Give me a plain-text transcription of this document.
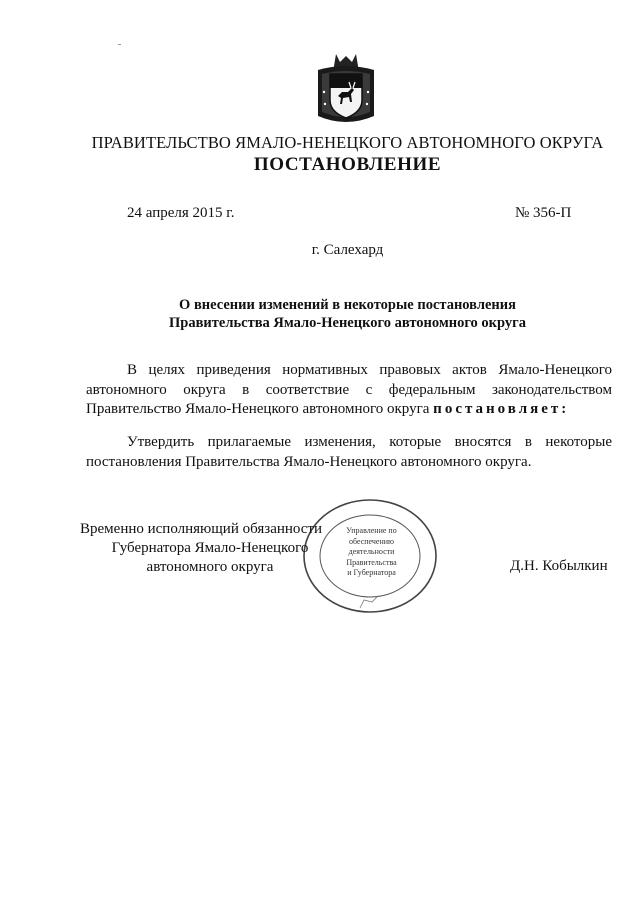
ПРАВИТЕЛЬСТВО ЯМАЛО-НЕНЕЦКОГО АВТОНОМНОГО ОКРУГА
ПОСТАНОВЛЕНИЕ
24 апреля 2015 г.	№ 356-П
г. Салехард
О внесении изменений в некоторые постановления
Правительства Ямало-Ненецкого автономного округа
В целях приведения нормативных правовых актов Ямало-Ненецкого автономного округа в соответствие с федеральным законодательством Правительство Ямало-Ненецкого автономного округа постановляет:
Утвердить прилагаемые изменения, которые вносятся в некоторые постановления Правительства Ямало-Ненецкого автономного округа.
Управление по
обеспечению
деятельности
Правительства
и Губернатора
Временно исполняющий обязанности
Губернатора Ямало-Ненецкого
автономного округа	Д.Н. Кобылкин
